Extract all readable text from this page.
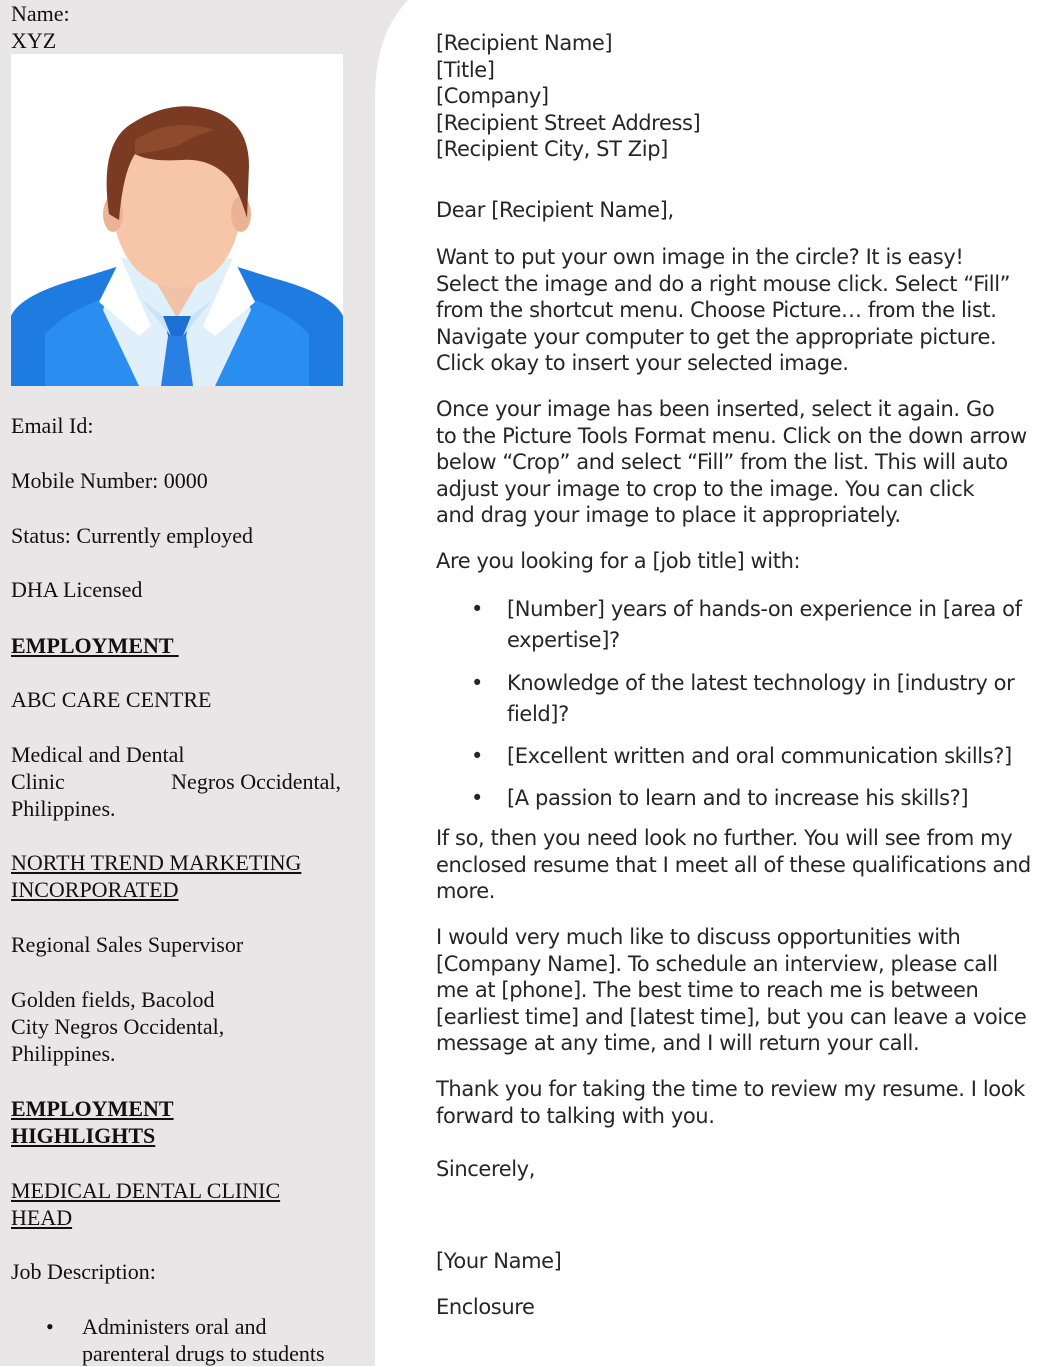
Name:

XYZ

Email Id:

Mobile Number: 0000

Status: Currently employed

DHA Licensed

EMPLOYMENT

ABC CARE CENTRE

Medical and Dental

Clinic	Negros Occidental,

Philippines.

NORTH TREND MARKETING

INCORPORATED

Regional Sales Supervisor

Golden fields, Bacolod

City Negros Occidental,

Philippines.

EMPLOYMENT

HIGHLIGHTS

MEDICAL DENTAL CLINIC

HEAD

Job Description:

• Administers oral and
parenteral drugs to students

[Recipient Name]

[Title]

[Company]

[Recipient Street Address]

[Recipient City, ST Zip]

Dear [Recipient Name],

Want to put your own image in the circle? It is easy!

Select the image and do a right mouse click. Select “Fill”

from the shortcut menu. Choose Picture… from the list.

Navigate your computer to get the appropriate picture.

Click okay to insert your selected image.

Once your image has been inserted, select it again. Go

to the Picture Tools Format menu. Click on the down arrow

below “Crop” and select “Fill” from the list. This will auto

adjust your image to crop to the image. You can click

and drag your image to place it appropriately.

Are you looking for a [job title] with:

• [Number] years of hands-on experience in [area of
expertise]?
• Knowledge of the latest technology in [industry or
field]?
• [Excellent written and oral communication skills?]
• [A passion to learn and to increase his skills?]

If so, then you need look no further. You will see from my

enclosed resume that I meet all of these qualifications and

more.

I would very much like to discuss opportunities with

[Company Name]. To schedule an interview, please call

me at [phone]. The best time to reach me is between

[earliest time] and [latest time], but you can leave a voice

message at any time, and I will return your call.

Thank you for taking the time to review my resume. I look

forward to talking with you.

Sincerely,

[Your Name]

Enclosure
